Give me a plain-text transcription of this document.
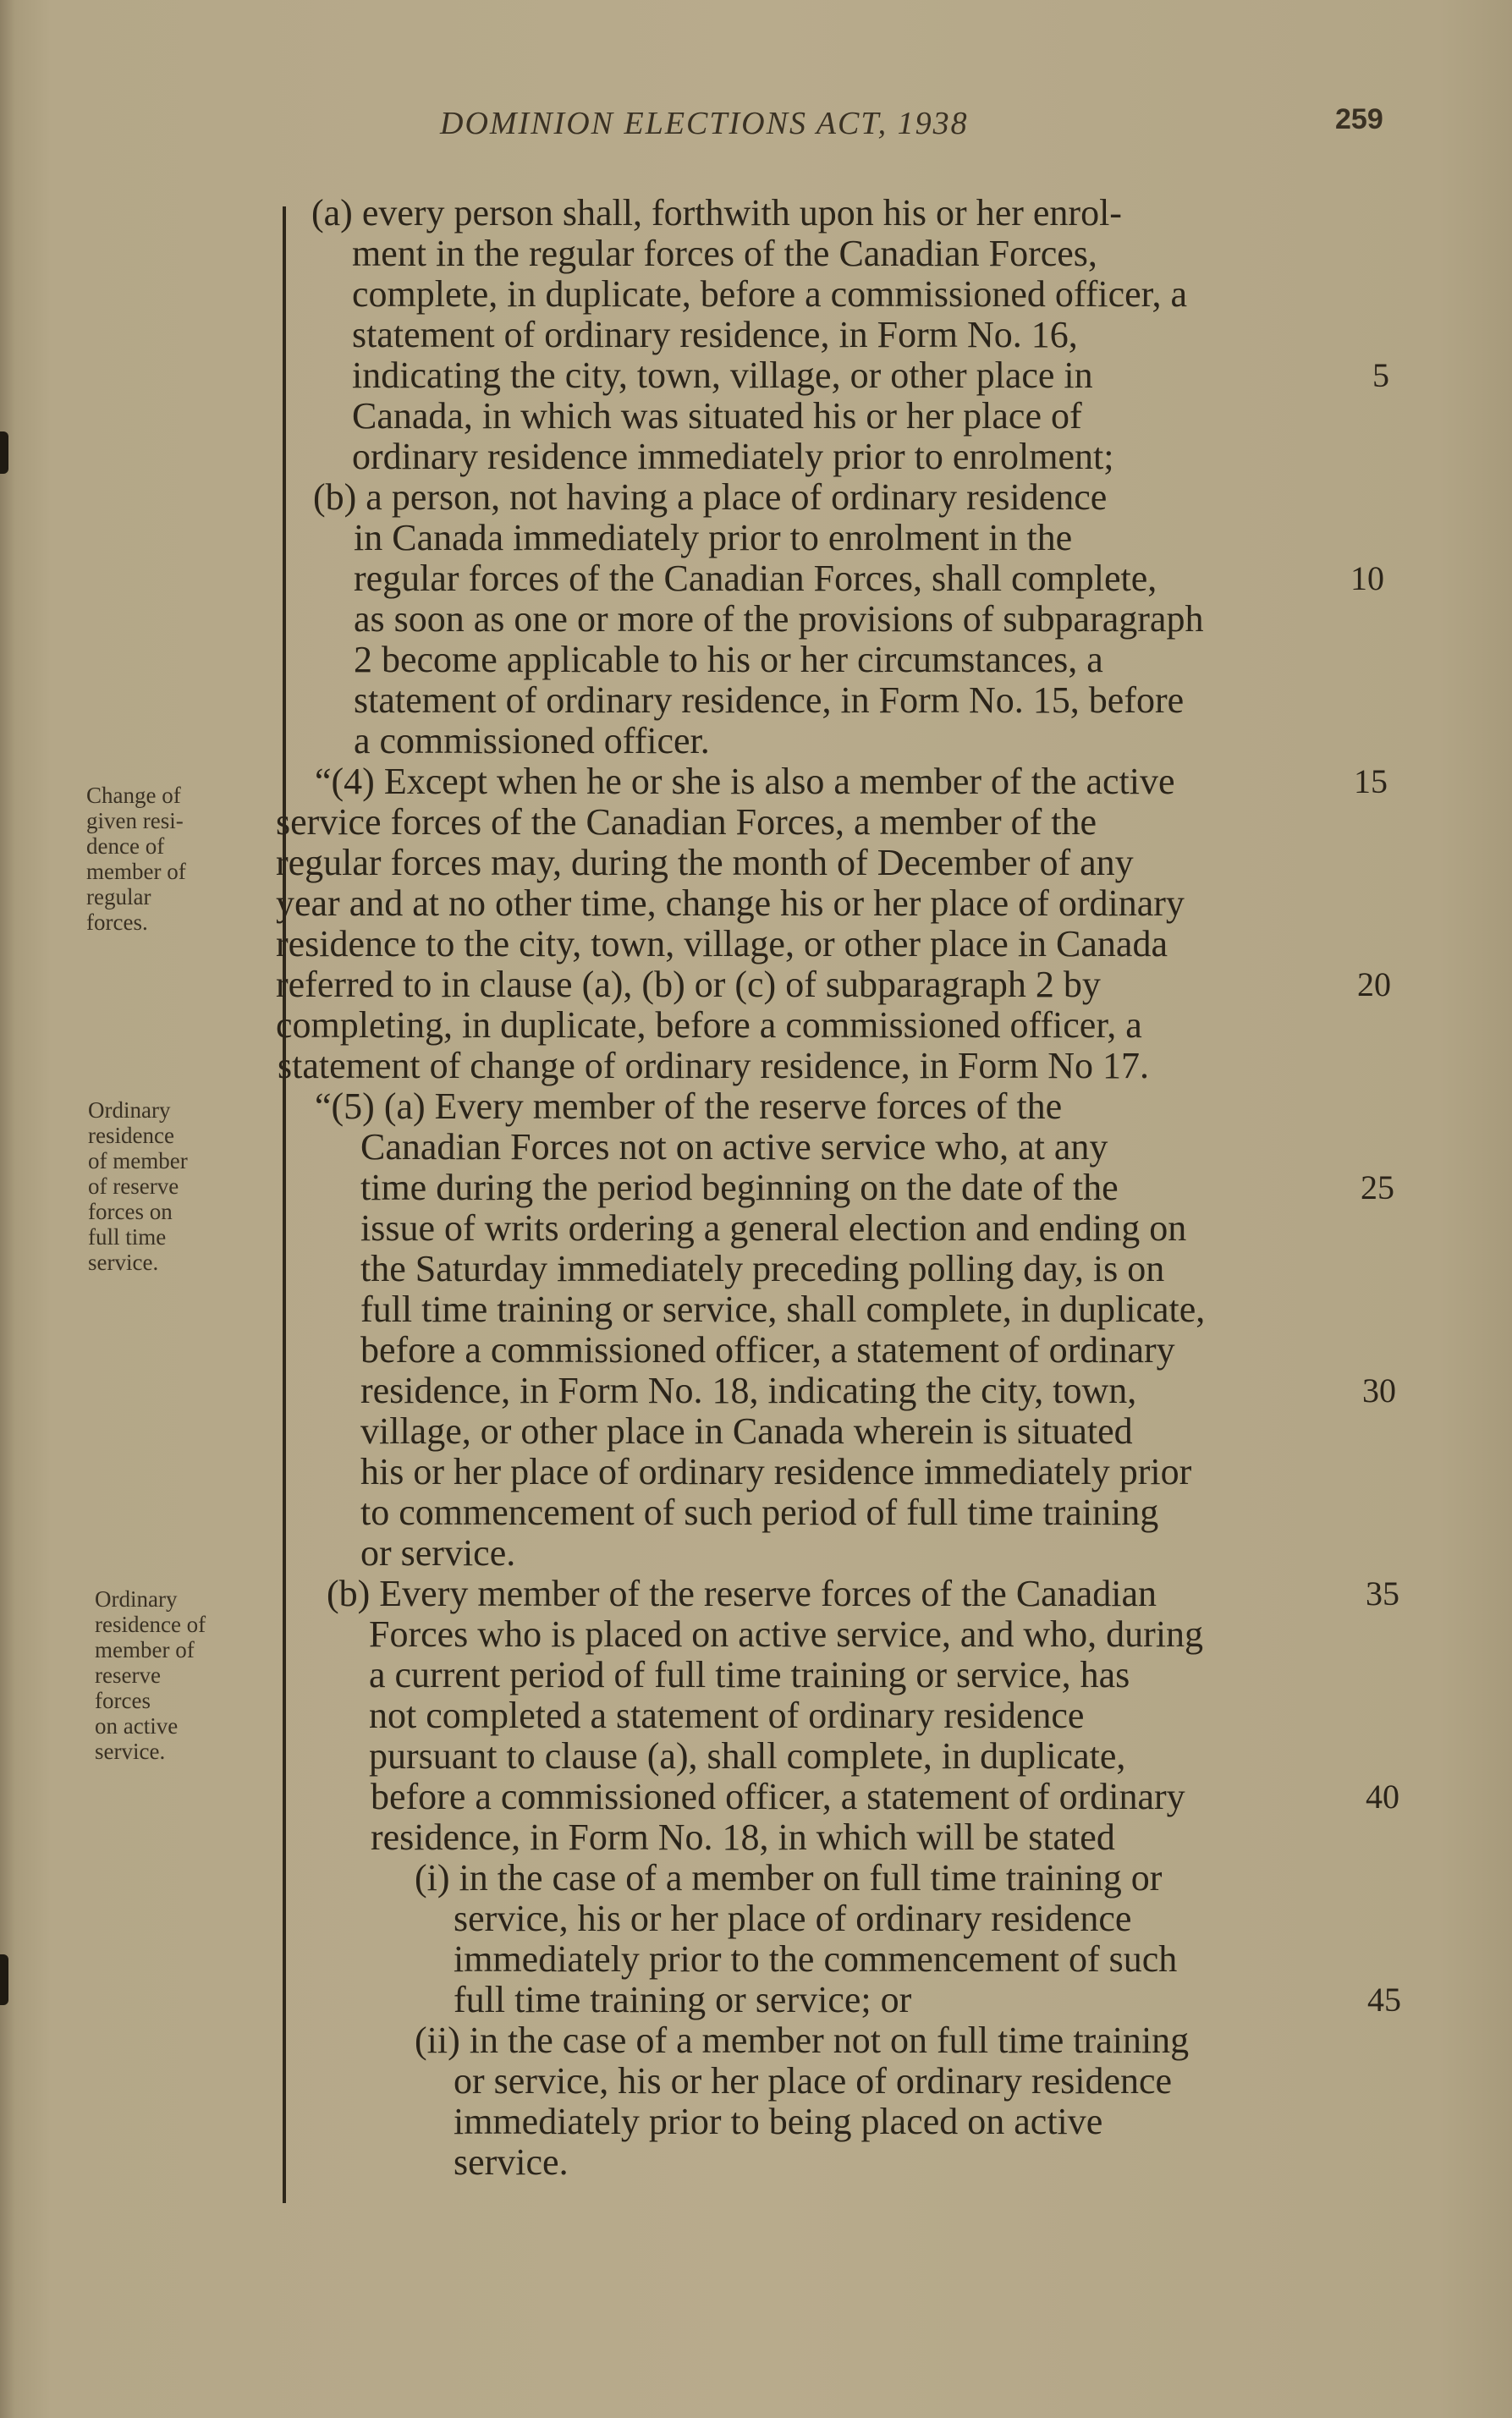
DOMINION ELECTIONS ACT, 1938	259
Change of
given resi-
dence of
member of
regular
forces.
Ordinary
residence
of member
of reserve
forces on
full time
service.
Ordinary
residence of
member of
reserve
forces
on active
service.
(a) every person shall, forthwith upon his or her enrol-
ment in the regular forces of the Canadian Forces,
complete, in duplicate, before a commissioned officer, a
statement of ordinary residence, in Form No. 16,
indicating the city, town, village, or other place in
Canada, in which was situated his or her place of
ordinary residence immediately prior to enrolment;
(b) a person, not having a place of ordinary residence
in Canada immediately prior to enrolment in the
regular forces of the Canadian Forces, shall complete,
as soon as one or more of the provisions of subparagraph
2 become applicable to his or her circumstances, a
statement of ordinary residence, in Form No. 15, before
a commissioned officer.
“(4) Except when he or she is also a member of the active
service forces of the Canadian Forces, a member of the
regular forces may, during the month of December of any
year and at no other time, change his or her place of ordinary
residence to the city, town, village, or other place in Canada
referred to in clause (a), (b) or (c) of subparagraph 2 by
completing, in duplicate, before a commissioned officer, a
statement of change of ordinary residence, in Form No 17.
“(5) (a) Every member of the reserve forces of the
Canadian Forces not on active service who, at any
time during the period beginning on the date of the
issue of writs ordering a general election and ending on
the Saturday immediately preceding polling day, is on
full time training or service, shall complete, in duplicate,
before a commissioned officer, a statement of ordinary
residence, in Form No. 18, indicating the city, town,
village, or other place in Canada wherein is situated
his or her place of ordinary residence immediately prior
to commencement of such period of full time training
or service.
(b) Every member of the reserve forces of the Canadian
Forces who is placed on active service, and who, during
a current period of full time training or service, has
not completed a statement of ordinary residence
pursuant to clause (a), shall complete, in duplicate,
before a commissioned officer, a statement of ordinary
residence, in Form No. 18, in which will be stated
(i) in the case of a member on full time training or
service, his or her place of ordinary residence
immediately prior to the commencement of such
full time training or service; or
(ii) in the case of a member not on full time training
or service, his or her place of ordinary residence
immediately prior to being placed on active
service.
5
10
15
20
25
30
35
40
45
